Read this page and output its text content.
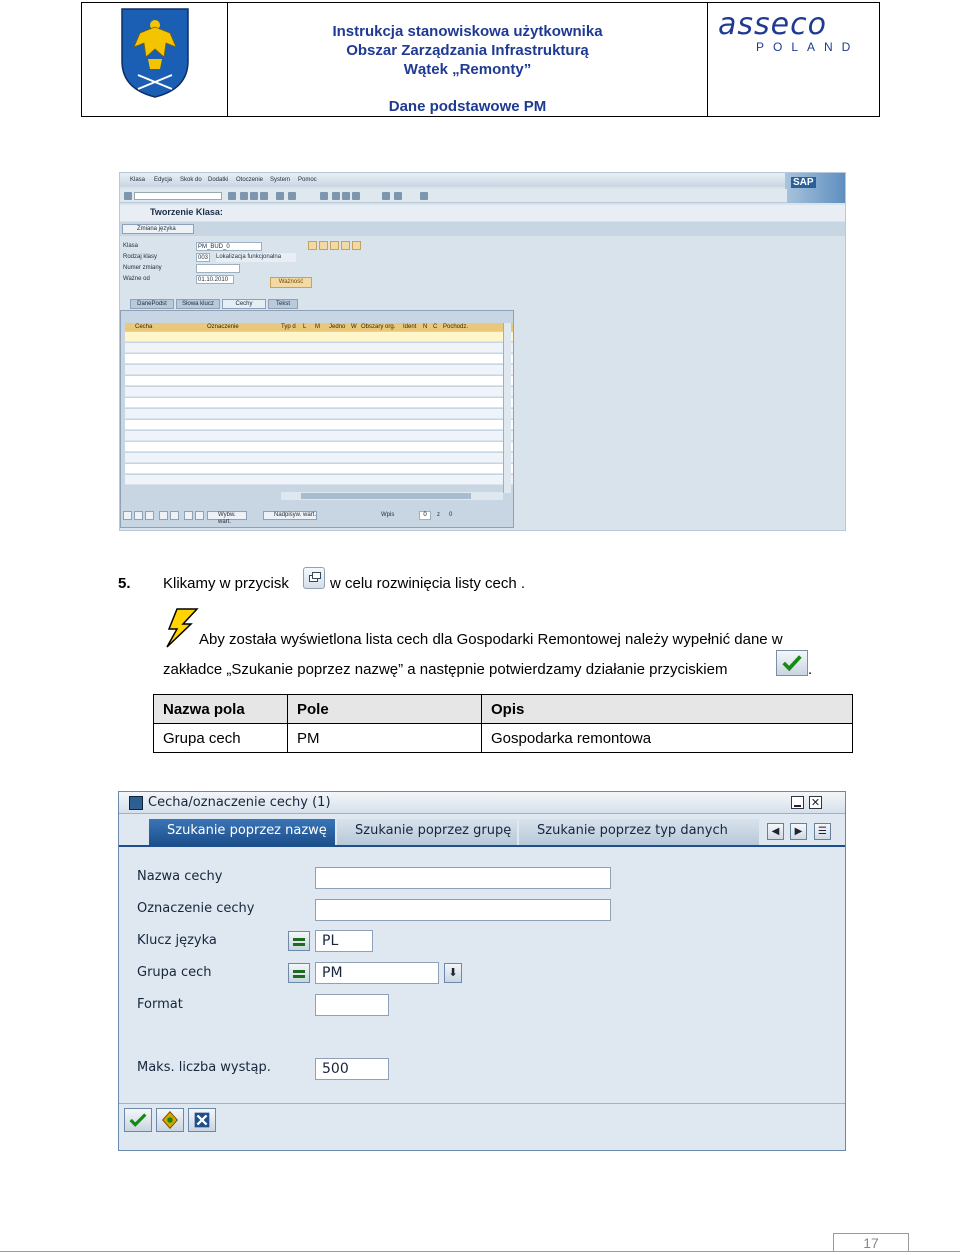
Instrukcja stanowiskowa użytkownika
Obszar Zarządzania Infrastrukturą
Wątek „Remonty”
Dane podstawowe PM
asseco
POLAND
Klasa Edycja Skok do Dodatki Otoczenie System Pomoc	SAP
Tworzenie Klasa:
Zmiana języka
Klasa	PM_BUD_0
Rodzaj klasy	003	Lokalizacja funkcjonalna
Numer zmiany
Ważne od	01.10.2010	Ważność
DanePodst	Słowa klucz	Cechy	Tekst
Cecha	Oznaczenie	Typ d L M Jedno W Obszary org. Ident N C Pochodz.
Wybw. wart.
Nadpisyw. wart.	Wpis	0	z 0
5. Klikamy w przycisk	w celu rozwinięcia listy cech .
Aby została wyświetlona lista cech dla Gospodarki Remontowej należy wypełnić dane w
zakładce „Szukanie poprzez nazwę” a następnie potwierdzamy działanie przyciskiem	.
Nazwa pola	Pole	Opis
Grupa cech	PM	Gospodarka remontowa
Cecha/oznaczenie cechy (1)	✕
Szukanie poprzez nazwę	Szukanie poprzez grupę	Szukanie poprzez typ danych	◀	▶	☰
Nazwa cechy
Oznaczenie cechy
Klucz języka	PL
Grupa cech	PM	⬇
Format
Maks. liczba wystąp.	500
17
